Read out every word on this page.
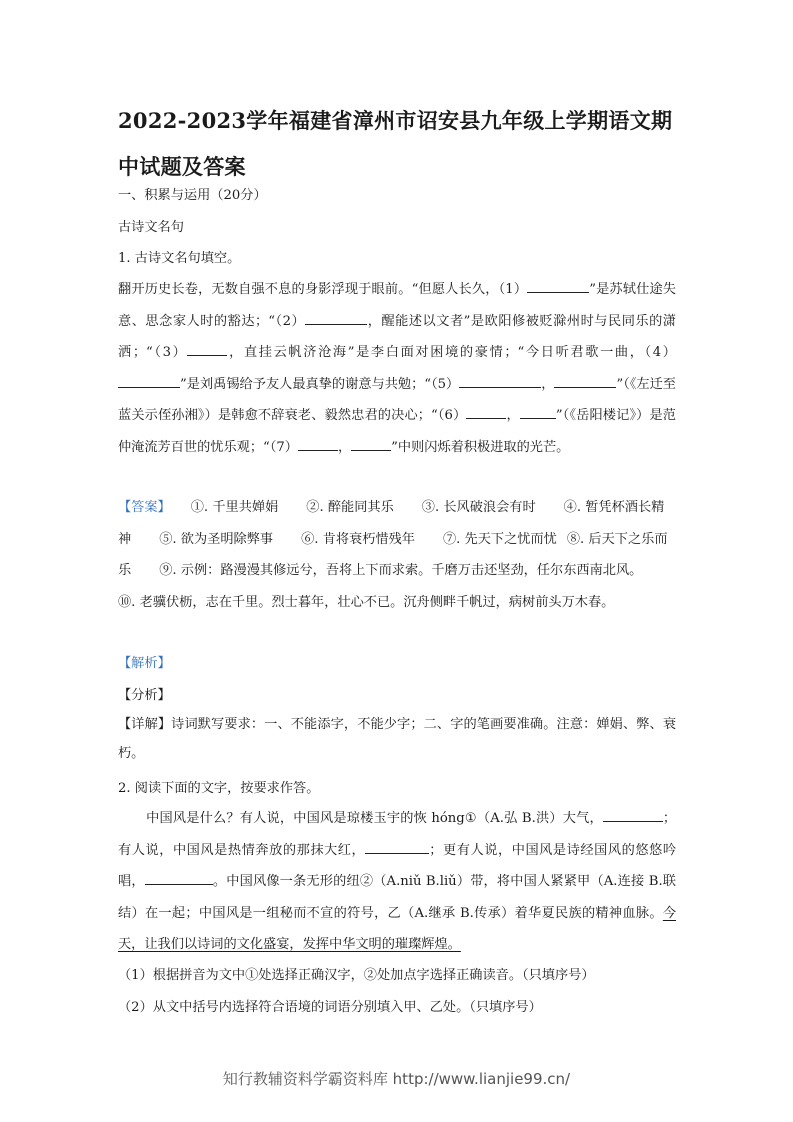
2022-2023学年福建省漳州市诏安县九年级上学期语文期中试题及答案
一、积累与运用（20分）
古诗文名句
1. 古诗文名句填空。
翻开历史长卷，无数自强不息的身影浮现于眼前。“但愿人长久，（1）	”是苏轼仕途失意、思念家人时的豁达；“（2）	，醒能述以文者”是欧阳修被贬滁州时与民同乐的潇洒；“（3）	，直挂云帆济沧海”是李白面对困境的豪情；“今日听君歌一曲，（4）”是刘禹锡给予友人最真挚的谢意与共勉；“（5）	，	”（《左迁至蓝关示侄孙湘》）是韩愈不辞衰老、毅然忠君的决心；“（6）	，	”（《岳阳楼记》）是范仲淹流芳百世的忧乐观；“（7）	，	”中则闪烁着积极进取的光芒。
【答案】 ①. 千里共婵娟 ②. 醉能同其乐 ③. 长风破浪会有时 ④. 暂凭杯酒长精神 ⑤. 欲为圣明除弊事 ⑥. 肯将衰朽惜残年 ⑦. 先天下之忧而忧 ⑧. 后天下之乐而乐 ⑨. 示例：路漫漫其修远兮，吾将上下而求索。千磨万击还坚劲，任尔东西南北风。⑩. 老骥伏枥，志在千里。烈士暮年，壮心不已。沉舟侧畔千帆过，病树前头万木春。
【解析】
【分析】
【详解】诗词默写要求：一、不能添字，不能少字；二、字的笔画要准确。注意：婵娟、弊、衰朽。
2. 阅读下面的文字，按要求作答。
中国风是什么？有人说，中国风是琼楼玉宇的恢 hóng①（A.弘 B.洪）大气，	；有人说，中国风是热情奔放的那抹大红，	；更有人说，中国风是诗经国风的悠悠吟唱，	。中国风像一条无形的纽②（A.niǔ B.liǔ）带，将中国人紧紧甲（A.连接 B.联结）在一起；中国风是一组秘而不宣的符号，乙（A.继承 B.传承）着华夏民族的精神血脉。今天，让我们以诗词的文化盛宴，发挥中华文明的璀璨辉煌。
（1）根据拼音为文中①处选择正确汉字，②处加点字选择正确读音。（只填序号）
（2）从文中括号内选择符合语境的词语分别填入甲、乙处。（只填序号）
知行教辅资料学霸资料库 http://www.lianjie99.cn/
